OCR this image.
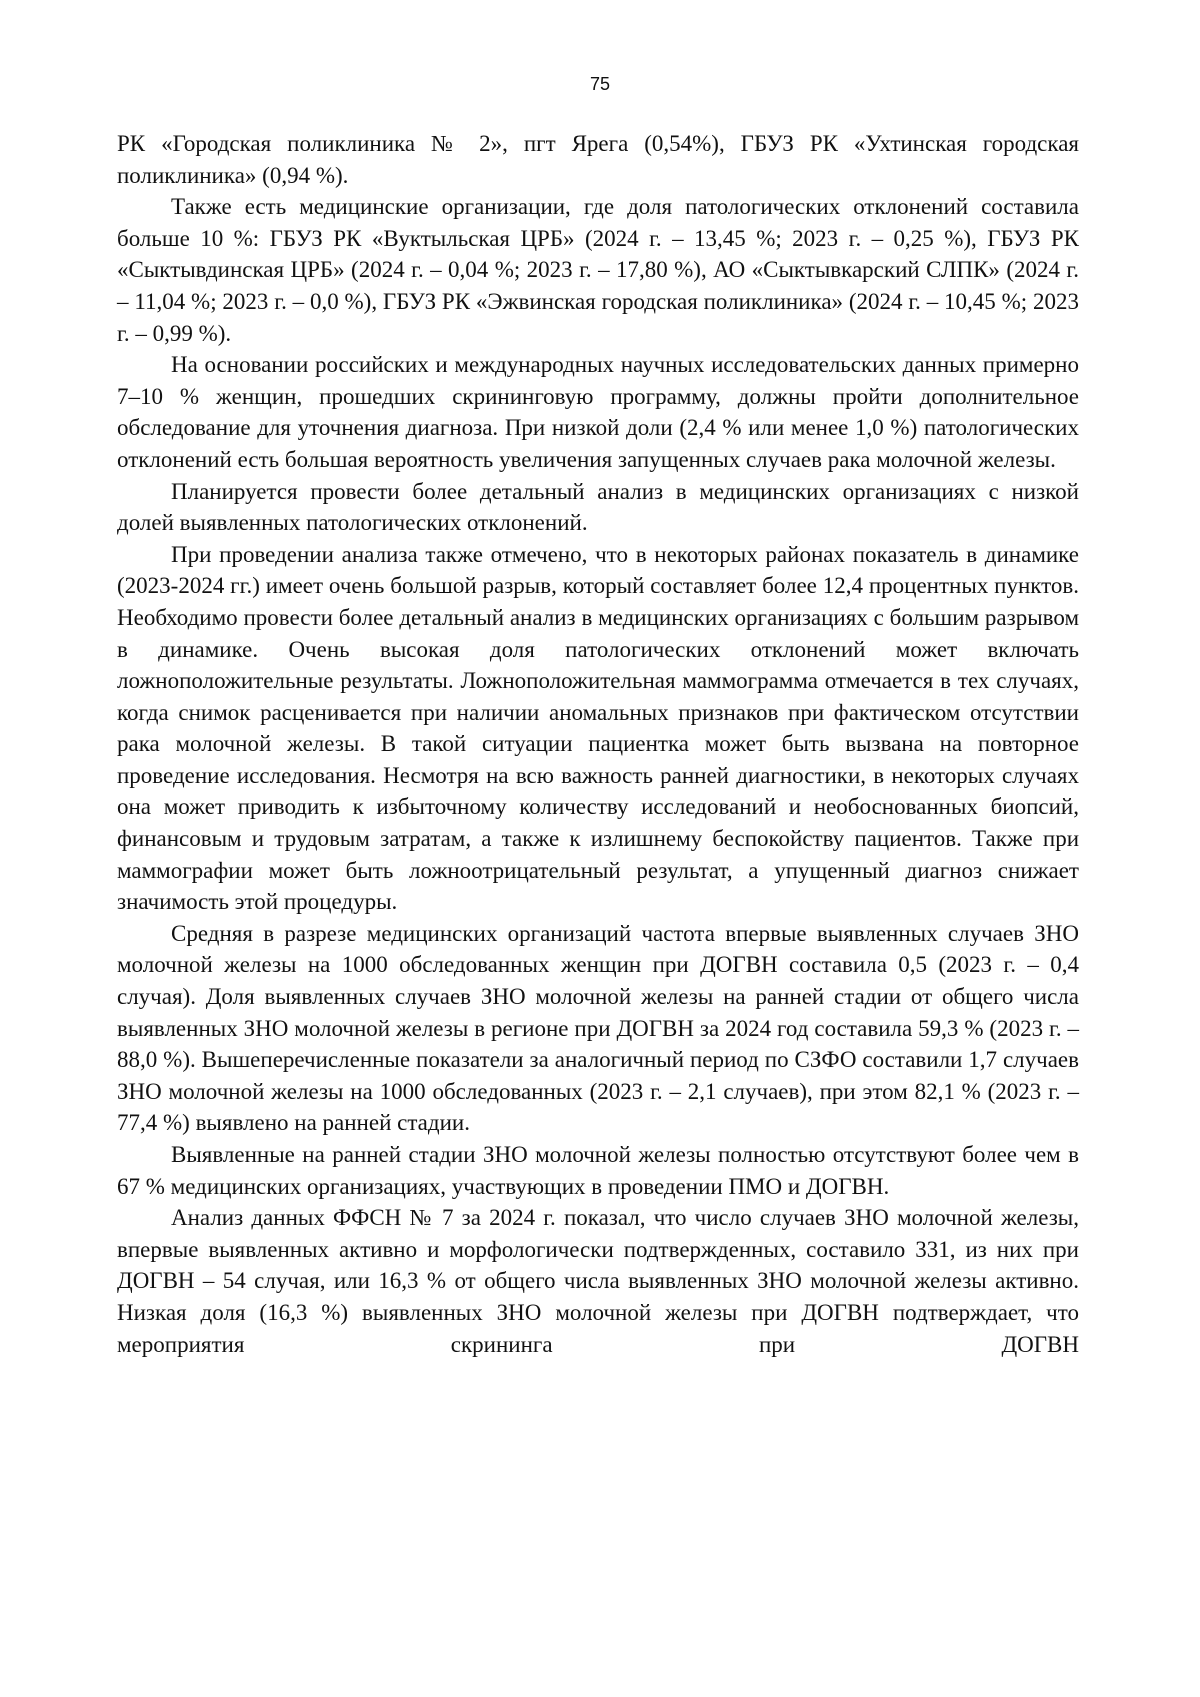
75

РК «Городская поликлиника № 2», пгт Ярега (0,54%), ГБУЗ РК «Ухтинская городская поликлиника» (0,94 %).

Также есть медицинские организации, где доля патологических отклонений составила больше 10 %: ГБУЗ РК «Вуктыльская ЦРБ» (2024 г. – 13,45 %; 2023 г. – 0,25 %), ГБУЗ РК «Сыктывдинская ЦРБ» (2024 г. – 0,04 %; 2023 г. – 17,80 %), АО «Сыктывкарский СЛПК» (2024 г. – 11,04 %; 2023 г. – 0,0 %), ГБУЗ РК «Эжвинская городская поликлиника» (2024 г. – 10,45 %; 2023 г. – 0,99 %).

На основании российских и международных научных исследовательских данных примерно 7–10 % женщин, прошедших скрининговую программу, должны пройти дополнительное обследование для уточнения диагноза. При низкой доли (2,4 % или менее 1,0 %) патологических отклонений есть большая вероятность увеличения запущенных случаев рака молочной железы.

Планируется провести более детальный анализ в медицинских организациях с низкой долей выявленных патологических отклонений.

При проведении анализа также отмечено, что в некоторых районах показатель в динамике (2023-2024 гг.) имеет очень большой разрыв, который составляет более 12,4 процентных пунктов. Необходимо провести более детальный анализ в медицинских организациях с большим разрывом в динамике. Очень высокая доля патологических отклонений может включать ложноположительные результаты. Ложноположительная маммограмма отмечается в тех случаях, когда снимок расценивается при наличии аномальных признаков при фактическом отсутствии рака молочной железы. В такой ситуации пациентка может быть вызвана на повторное проведение исследования. Несмотря на всю важность ранней диагностики, в некоторых случаях она может приводить к избыточному количеству исследований и необоснованных биопсий, финансовым и трудовым затратам, а также к излишнему беспокойству пациентов. Также при маммографии может быть ложноотрицательный результат, а упущенный диагноз снижает значимость этой процедуры.

Средняя в разрезе медицинских организаций частота впервые выявленных случаев ЗНО молочной железы на 1000 обследованных женщин при ДОГВН составила 0,5 (2023 г. – 0,4 случая). Доля выявленных случаев ЗНО молочной железы на ранней стадии от общего числа выявленных ЗНО молочной железы в регионе при ДОГВН за 2024 год составила 59,3 % (2023 г. – 88,0 %). Вышеперечисленные показатели за аналогичный период по СЗФО составили 1,7 случаев ЗНО молочной железы на 1000 обследованных (2023 г. – 2,1 случаев), при этом 82,1 % (2023 г. – 77,4 %) выявлено на ранней стадии.

Выявленные на ранней стадии ЗНО молочной железы полностью отсутствуют более чем в 67 % медицинских организациях, участвующих в проведении ПМО и ДОГВН.

Анализ данных ФФСН № 7 за 2024 г. показал, что число случаев ЗНО молочной железы, впервые выявленных активно и морфологически подтвержденных, составило 331, из них при ДОГВН – 54 случая, или 16,3 % от общего числа выявленных ЗНО молочной железы активно. Низкая доля (16,3 %) выявленных ЗНО молочной железы при ДОГВН подтверждает, что мероприятия скрининга при ДОГВН
